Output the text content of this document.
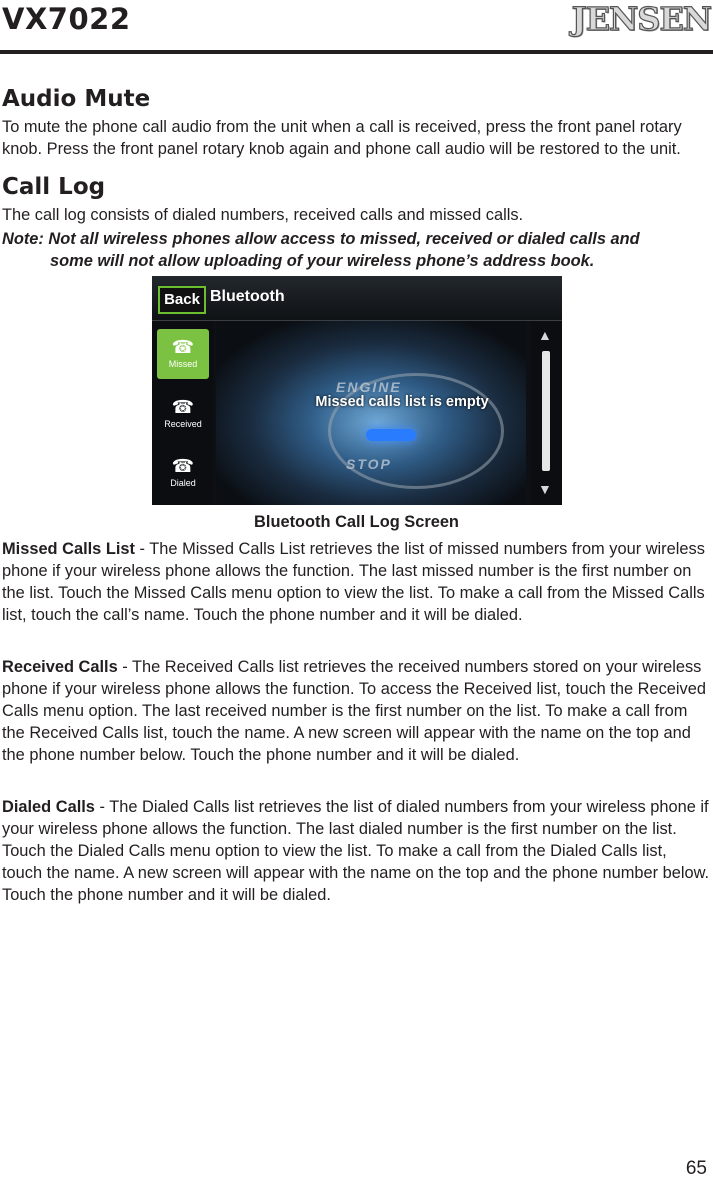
VX7022	JENSEN
Audio Mute

To mute the phone call audio from the unit when a call is received, press the front panel rotary knob. Press the front panel rotary knob again and phone call audio will be restored to the unit.

Call Log

The call log consists of dialed numbers, received calls and missed calls.

Note: Not all wireless phones allow access to missed, received or dialed calls and
some will not allow uploading of your wireless phone’s address book.
Back Bluetooth
☎
Missed
☎
Received
☎
Dialed
ENGINE
STOP
Missed calls list is empty
▲
▼
Bluetooth Call Log Screen

Missed Calls List - The Missed Calls List retrieves the list of missed numbers from your wireless phone if your wireless phone allows the function. The last missed number is the first number on the list. Touch the Missed Calls menu option to view the list. To make a call from the Missed Calls list, touch the call’s name. Touch the phone number and it will be dialed.

Received Calls - The Received Calls list retrieves the received numbers stored on your wireless phone if your wireless phone allows the function. To access the Received list, touch the Received Calls menu option. The last received number is the first number on the list. To make a call from the Received Calls list, touch the name. A new screen will appear with the name on the top and the phone number below. Touch the phone number and it will be dialed.

Dialed Calls - The Dialed Calls list retrieves the list of dialed numbers from your wireless phone if your wireless phone allows the function. The last dialed number is the first number on the list. Touch the Dialed Calls menu option to view the list. To make a call from the Dialed Calls list, touch the name. A new screen will appear with the name on the top and the phone number below. Touch the phone number and it will be dialed.

65
